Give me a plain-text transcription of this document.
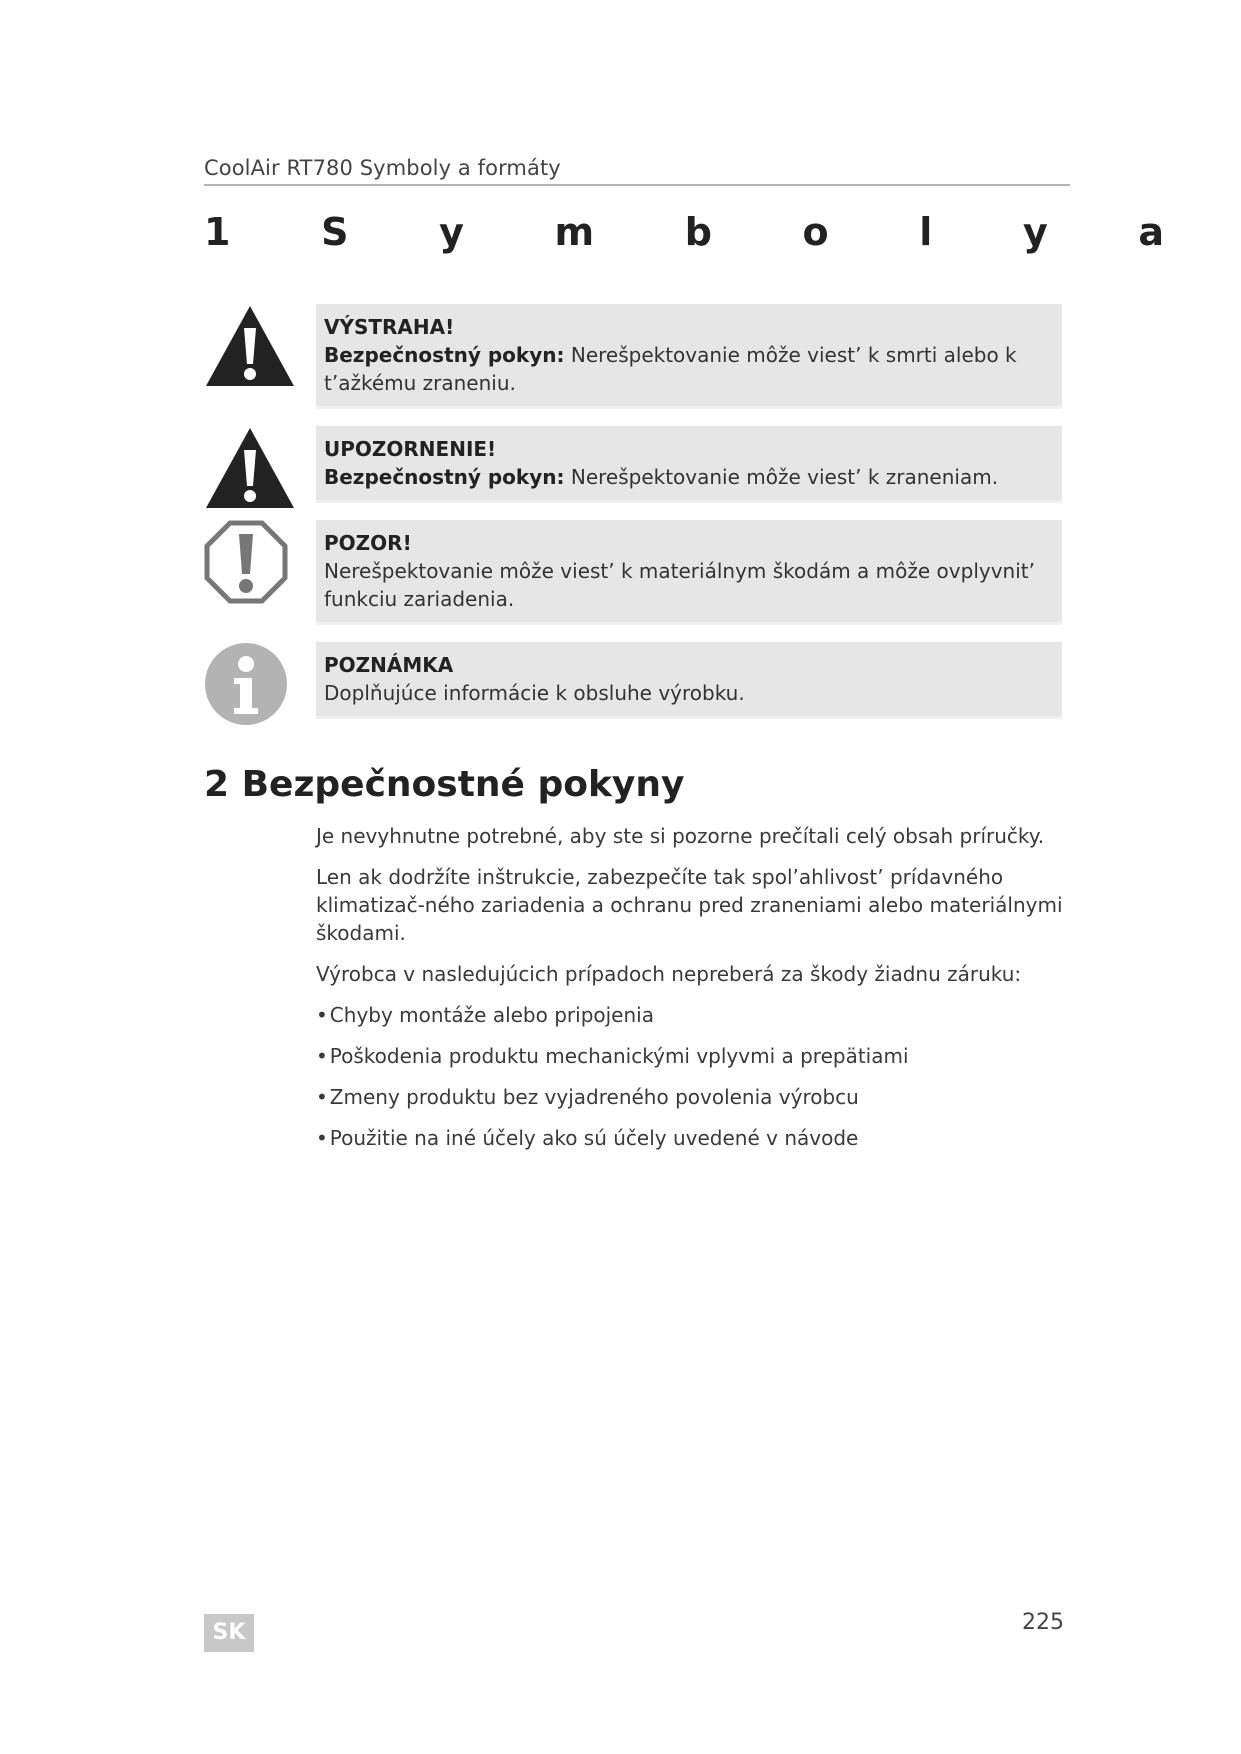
CoolAir RT780 Symboly a formáty
1 S y m b o l y a
VÝSTRAHA!
Bezpečnostný pokyn: Nerešpektovanie môže viest’ k smrti alebo k t’ažkému zraneniu.
UPOZORNENIE!
Bezpečnostný pokyn: Nerešpektovanie môže viest’ k zraneniam.
POZOR!
Nerešpektovanie môže viest’ k materiálnym škodám a môže ovplyvnit’ funkciu zariadenia.
POZNÁMKA
Doplňujúce informácie k obsluhe výrobku.
2 Bezpečnostné pokyny

Je nevyhnutne potrebné, aby ste si pozorne prečítali celý obsah príručky.

Len ak dodržíte inštrukcie, zabezpečíte tak spol’ahlivost’ prídavného klimatizač-ného zariadenia a ochranu pred zraneniami alebo materiálnymi škodami.

Výrobca v nasledujúcich prípadoch nepreberá za škody žiadnu záruku:

• Chyby montáže alebo pripojenia
• Poškodenia produktu mechanickými vplyvmi a prepätiami
• Zmeny produktu bez vyjadreného povolenia výrobcu
• Použitie na iné účely ako sú účely uvedené v návode
SK	225
